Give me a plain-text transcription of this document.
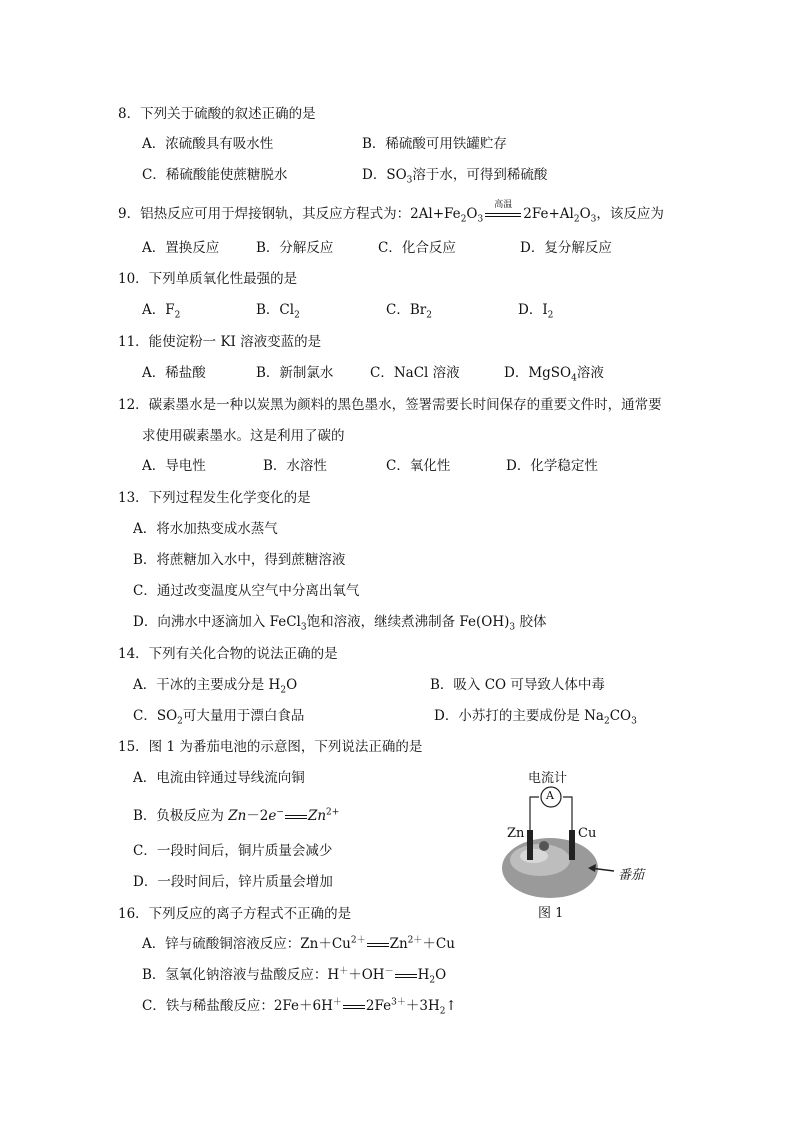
8．下列关于硫酸的叙述正确的是
A．浓硫酸具有吸水性	B．稀硫酸可用铁罐贮存
C．稀硫酸能使蔗糖脱水	D．$SO_3$溶于水，可得到稀硫酸
9．铝热反应可用于焊接钢轨，其反应方程式为：$2Al+Fe_2O_3$
高温
$2Fe+Al_2O_3$，该反应为
A．置换反应	B．分解反应	C．化合反应	D．复分解反应
10．下列单质氧化性最强的是
A．$F_2$	B．$Cl_2$	C．$Br_2$	D．$I_2$
11．能使淀粉一 KI 溶液变蓝的是
A．稀盐酸	B．新制氯水	C．NaCl 溶液	D．MgSO$_4$溶液
12．碳素墨水是一种以炭黑为颜料的黑色墨水，签署需要长时间保存的重要文件时，通常要
求使用碳素墨水。这是利用了碳的
A．导电性	B．水溶性	C．氧化性	D．化学稳定性
13．下列过程发生化学变化的是
A．将水加热变成水蒸气
B．将蔗糖加入水中，得到蔗糖溶液
C．通过改变温度从空气中分离出氧气
D．向沸水中逐滴加入 FeCl$_3$饱和溶液，继续煮沸制备 $Fe(OH)_3$ 胶体
14．下列有关化合物的说法正确的是
A．干冰的主要成分是 $H_2O$	B．吸入 CO 可导致人体中毒
C．$SO_2$可大量用于漂白食品	D．小苏打的主要成份是 $Na_2CO_3$
15．图 1 为番茄电池的示意图，下列说法正确的是
A．电流由锌通过导线流向铜
B．负极反应为 Zn－2e− $Zn^{2+}$
C．一段时间后，铜片质量会减少
D．一段时间后，锌片质量会增加
电流计
A
Zn	Cu
番茄
图 1
16．下列反应的离子方程式不正确的是
A．锌与硫酸铜溶液反应：$Zn+Cu^{2+}$ $Zn^{2+}+Cu$
B．氢氧化钠溶液与盐酸反应：H＋＋OH－ $H_2O$
C．铁与稀盐酸反应：2Fe＋6H＋ $2Fe^{3+}+3H_2↑$
